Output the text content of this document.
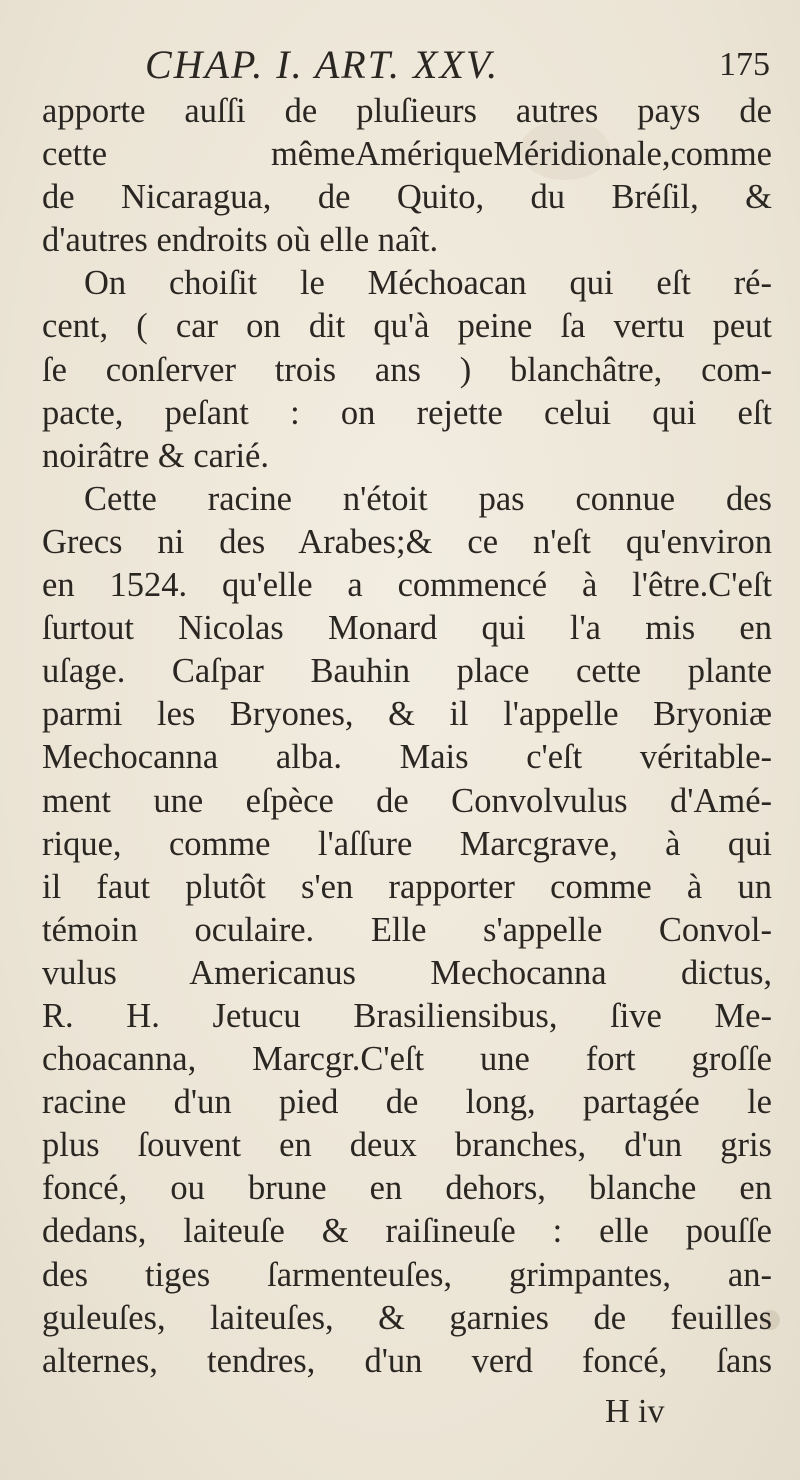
CHAP. I. ART. XXV.	175
apporte auſſi de pluſieurs autres pays de
cette mêmeAmériqueMéridionale,comme
de Nicaragua, de Quito, du Bréſil, &
d'autres endroits où elle naît.
On choiſit le Méchoacan qui eſt ré-
cent, ( car on dit qu'à peine ſa vertu peut
ſe conſerver trois ans ) blanchâtre, com-
pacte, peſant : on rejette celui qui eſt
noirâtre & carié.
Cette racine n'étoit pas connue des
Grecs ni des Arabes;& ce n'eſt qu'environ
en 1524. qu'elle a commencé à l'être.C'eſt
ſurtout Nicolas Monard qui l'a mis en
uſage. Caſpar Bauhin place cette plante
parmi les Bryones, & il l'appelle Bryoniæ
Mechocanna alba. Mais c'eſt véritable-
ment une eſpèce de Convolvulus d'Amé-
rique, comme l'aſſure Marcgrave, à qui
il faut plutôt s'en rapporter comme à un
témoin oculaire. Elle s'appelle Convol-
vulus Americanus Mechocanna dictus,
R. H. Jetucu Brasiliensibus, ſive Me-
choacanna, Marcgr.C'eſt une fort groſſe
racine d'un pied de long, partagée le
plus ſouvent en deux branches, d'un gris
foncé, ou brune en dehors, blanche en
dedans, laiteuſe & raiſineuſe : elle pouſſe
des tiges ſarmenteuſes, grimpantes, an-
guleuſes, laiteuſes, & garnies de feuilles
alternes, tendres, d'un verd foncé, ſans
H iv
